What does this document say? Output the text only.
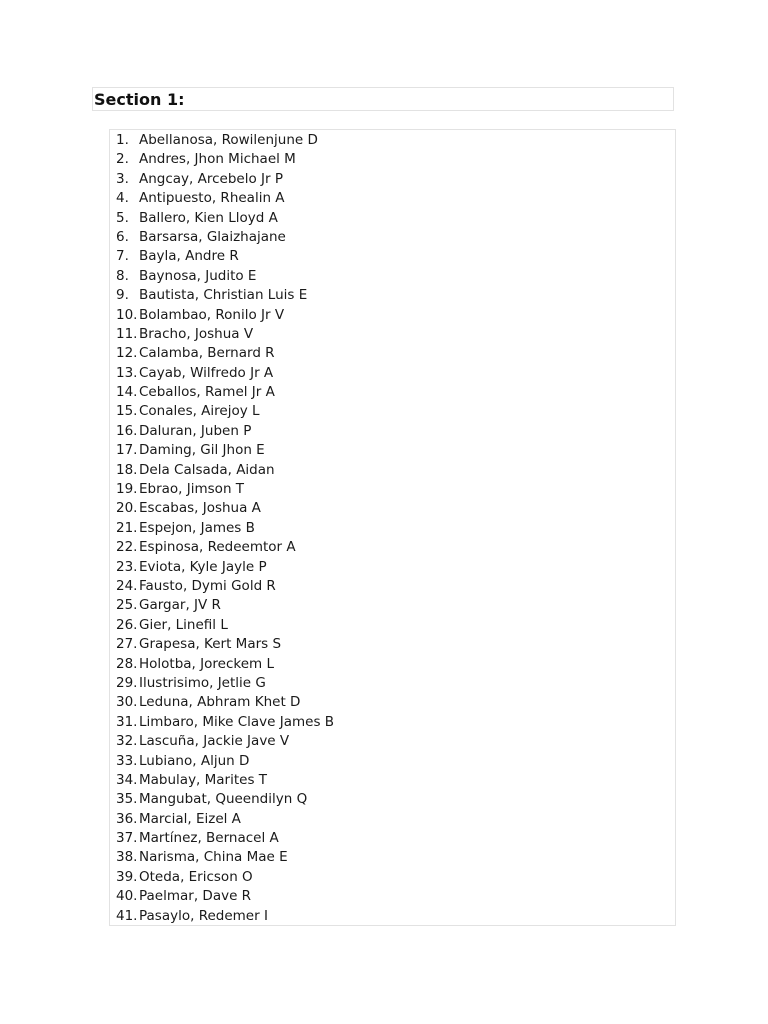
Section 1:
1. Abellanosa, Rowilenjune D
2. Andres, Jhon Michael M
3. Angcay, Arcebelo Jr P
4. Antipuesto, Rhealin A
5. Ballero, Kien Lloyd A
6. Barsarsa, Glaizhajane
7. Bayla, Andre R
8. Baynosa, Judito E
9. Bautista, Christian Luis E
10. Bolambao, Ronilo Jr V
11. Bracho, Joshua V
12. Calamba, Bernard R
13. Cayab, Wilfredo Jr A
14. Ceballos, Ramel Jr A
15. Conales, Airejoy L
16. Daluran, Juben P
17. Daming, Gil Jhon E
18. Dela Calsada, Aidan
19. Ebrao, Jimson T
20. Escabas, Joshua A
21. Espejon, James B
22. Espinosa, Redeemtor A
23. Eviota, Kyle Jayle P
24. Fausto, Dymi Gold R
25. Gargar, JV R
26. Gier, Linefil L
27. Grapesa, Kert Mars S
28. Holotba, Joreckem L
29. Ilustrisimo, Jetlie G
30. Leduna, Abhram Khet D
31. Limbaro, Mike Clave James B
32. Lascuña, Jackie Jave V
33. Lubiano, Aljun D
34. Mabulay, Marites T
35. Mangubat, Queendilyn Q
36. Marcial, Eizel A
37. Martínez, Bernacel A
38. Narisma, China Mae E
39. Oteda, Ericson O
40. Paelmar, Dave R
41. Pasaylo, Redemer I
